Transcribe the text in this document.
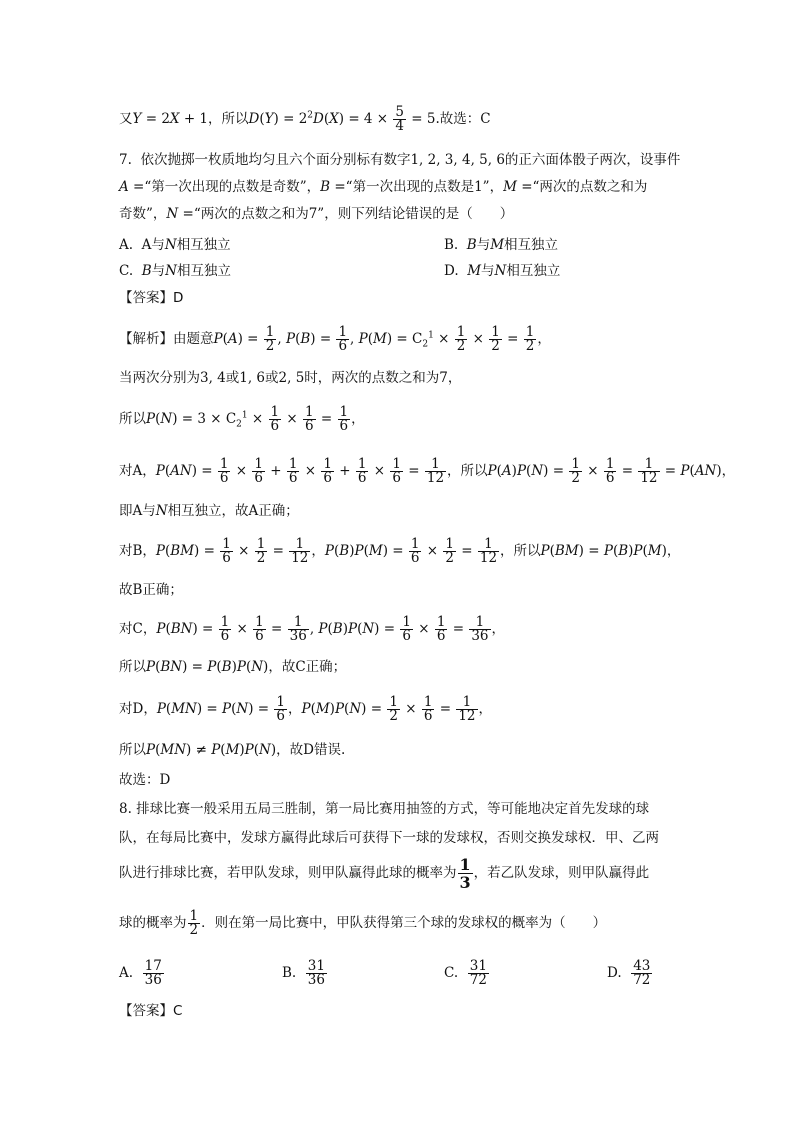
又Y = 2X + 1，所以$D(Y) = 2^2D(X) = 4 \times \frac{5}{4} = 5$.故选：C
7.  依次抛掷一枚质地均匀且六个面分别标有数字1, 2, 3, 4, 5, 6的正六面体骰子两次，设事件
A =“第一次出现的点数是奇数”，B =“第一次出现的点数是1”，M =“两次的点数之和为
奇数”，N =“两次的点数之和为7”，则下列结论错误的是（　　）
A.  A与N相互独立	B.  B与M相互独立
C.  B与N相互独立	D.  M与N相互独立
【答案】D
【解析】由题意$P(A) = \frac{1}{2}$ , $P(B) = \frac{1}{6}$ , $P(M) = C_2^1 \times \frac{1}{2} \times \frac{1}{2} = \frac{1}{2}$ ，
当两次分别为3, 4或1, 6或2, 5时，两次的点数之和为7，
所以$P(N) = 3 \times C_2^1 \times \frac{1}{6} \times \frac{1}{6} = \frac{1}{6}$ ，
对A，$P(AN) = \frac{1}{6} \times \frac{1}{6} + \frac{1}{6} \times \frac{1}{6} + \frac{1}{6} \times \frac{1}{6} = \frac{1}{12}$ ，所以$P(A)P(N) = \frac{1}{2} \times \frac{1}{6} = \frac{1}{12} = P(AN)$，
即A与N相互独立，故A正确；
对B，$P(BM) = \frac{1}{6} \times \frac{1}{2} = \frac{1}{12}$ ，$P(B)P(M) = \frac{1}{6} \times \frac{1}{2} = \frac{1}{12}$ ，所以P(BM) = P(B)P(M)，
故B正确；
对C，$P(BN) = \frac{1}{6} \times \frac{1}{6} = \frac{1}{36}$ , $P(B)P(N) = \frac{1}{6} \times \frac{1}{6} = \frac{1}{36}$ ，
所以P(BN) = P(B)P(N)，故C正确；
对D，$P(MN) = P(N) = \frac{1}{6}$ ，$P(M)P(N) = \frac{1}{2} \times \frac{1}{6} = \frac{1}{12}$ ，
所以P(MN) ≠ P(M)P(N)，故D错误.
故选：D
8. 排球比赛一般采用五局三胜制，第一局比赛用抽签的方式，等可能地决定首先发球的球
队，在每局比赛中，发球方赢得此球后可获得下一球的发球权，否则交换发球权．甲、乙两
队进行排球比赛，若甲队发球，则甲队赢得此球的概率为 $\frac{1}{3}$ ，若乙队发球，则甲队赢得此
球的概率为 $\frac{1}{2}$ ．则在第一局比赛中，甲队获得第三个球的发球权的概率为（　　）
A. $\frac{17}{36}$	B. $\frac{31}{36}$	C. $\frac{31}{72}$	D. $\frac{43}{72}$
【答案】C
